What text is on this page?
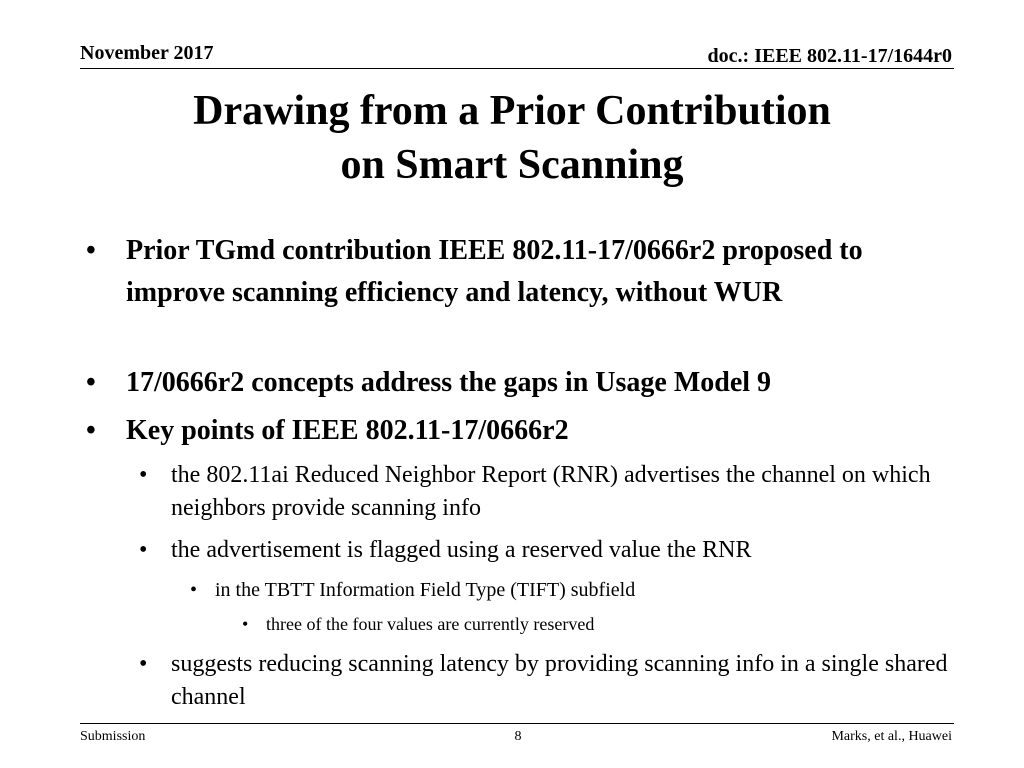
November 2017	doc.: IEEE 802.11-17/1644r0
Drawing from a Prior Contribution
on Smart Scanning
• Prior TGmd contribution IEEE 802.11-17/0666r2 proposed to improve scanning efficiency and latency, without WUR
• 17/0666r2 concepts address the gaps in Usage Model 9
• Key points of IEEE 802.11-17/0666r2
• the 802.11ai Reduced Neighbor Report (RNR) advertises the channel on which neighbors provide scanning info
• the advertisement is flagged using a reserved value the RNR
• in the TBTT Information Field Type (TIFT) subfield
• three of the four values are currently reserved
• suggests reducing scanning latency by providing scanning info in a single shared channel
Submission	8	Marks, et al., Huawei
